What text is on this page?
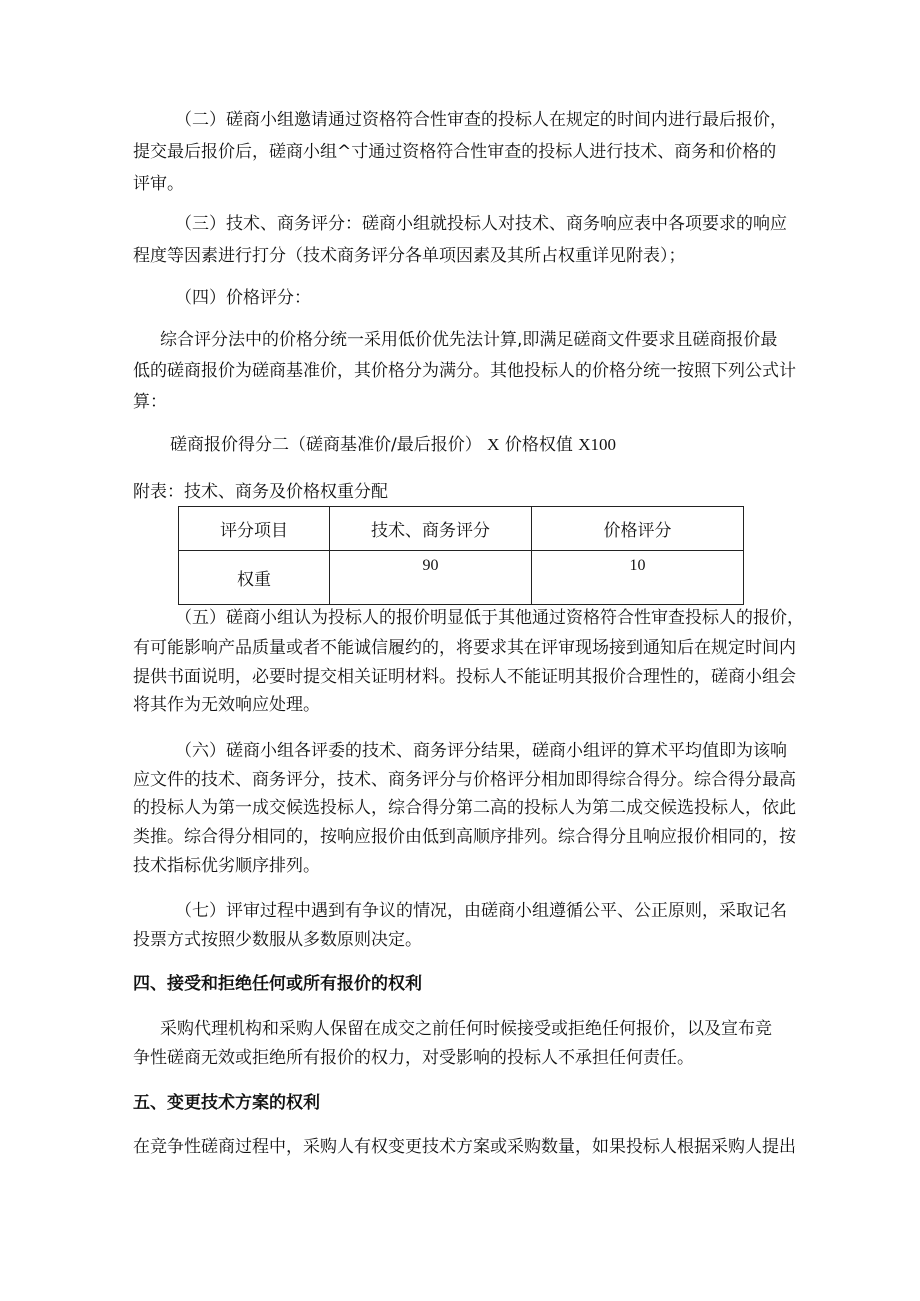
（二）磋商小组邀请通过资格符合性审查的投标人在规定的时间内进行最后报价，
提交最后报价后，磋商小组^寸通过资格符合性审查的投标人进行技术、商务和价格的
评审。
（三）技术、商务评分：磋商小组就投标人对技术、商务响应表中各项要求的响应
程度等因素进行打分（技术商务评分各单项因素及其所占权重详见附表）；
（四）价格评分：
综合评分法中的价格分统一采用低价优先法计算,即满足磋商文件要求且磋商报价最
低的磋商报价为磋商基准价，其价格分为满分。其他投标人的价格分统一按照下列公式计
算：
磋商报价得分二（磋商基准价/最后报价） X 价格权值 X100
附表：技术、商务及价格权重分配
评分项目	技术、商务评分	价格评分
权重	90	10
（五）磋商小组认为投标人的报价明显低于其他通过资格符合性审查投标人的报价，
有可能影响产品质量或者不能诚信履约的，将要求其在评审现场接到通知后在规定时间内
提供书面说明，必要时提交相关证明材料。投标人不能证明其报价合理性的，磋商小组会
将其作为无效响应处理。
（六）磋商小组各评委的技术、商务评分结果，磋商小组评的算术平均值即为该响
应文件的技术、商务评分，技术、商务评分与价格评分相加即得综合得分。综合得分最高
的投标人为第一成交候选投标人，综合得分第二高的投标人为第二成交候选投标人，依此
类推。综合得分相同的，按响应报价由低到高顺序排列。综合得分且响应报价相同的，按
技术指标优劣顺序排列。
（七）评审过程中遇到有争议的情况，由磋商小组遵循公平、公正原则，采取记名
投票方式按照少数服从多数原则决定。
四、接受和拒绝任何或所有报价的权利
采购代理机构和采购人保留在成交之前任何时候接受或拒绝任何报价，以及宣布竞
争性磋商无效或拒绝所有报价的权力，对受影响的投标人不承担任何责任。
五、变更技术方案的权利
在竞争性磋商过程中，采购人有权变更技术方案或采购数量，如果投标人根据采购人提出
